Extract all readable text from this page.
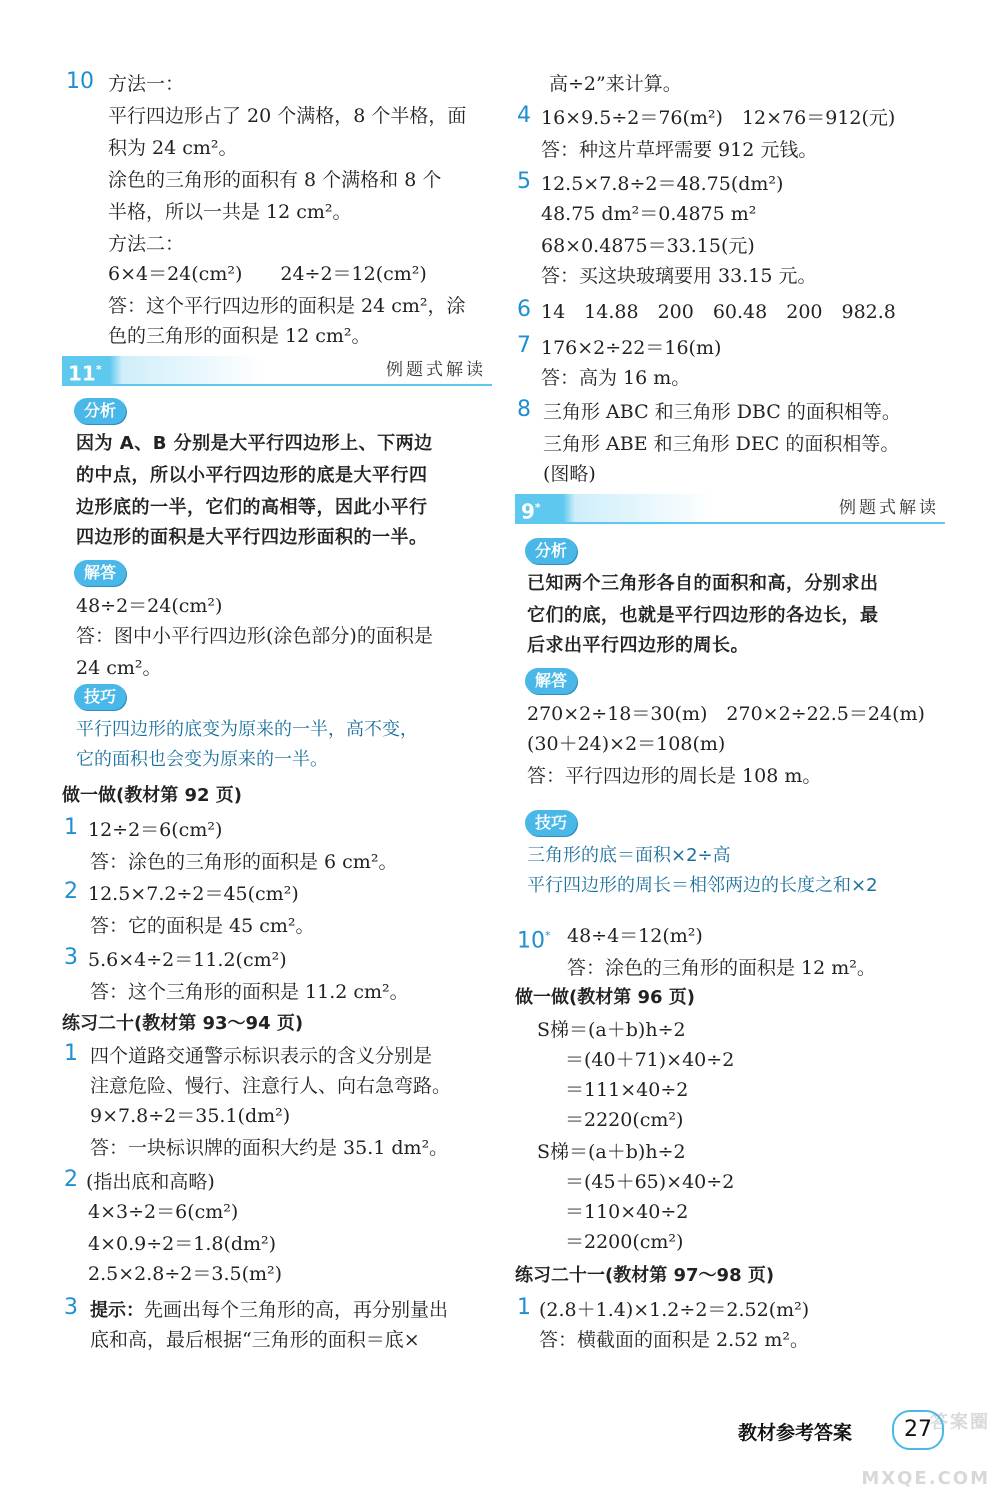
10 方法一：
平行四边形占了 20 个满格，8 个半格，面
积为 24 cm²。
涂色的三角形的面积有 8 个满格和 8 个
半格，所以一共是 12 cm²。
方法二：
6×4＝24(cm²)　　24÷2＝12(cm²)
答：这个平行四边形的面积是 24 cm²，涂
色的三角形的面积是 12 cm²。
11*	例题式解读
分析
因为 A、B 分别是大平行四边形上、下两边
的中点，所以小平行四边形的底是大平行四
边形底的一半，它们的高相等，因此小平行
四边形的面积是大平行四边形面积的一半。
解答
48÷2＝24(cm²)
答：图中小平行四边形(涂色部分)的面积是
24 cm²。
技巧
平行四边形的底变为原来的一半，高不变，
它的面积也会变为原来的一半。
做一做(教材第 92 页)
1 12÷2＝6(cm²)
答：涂色的三角形的面积是 6 cm²。
2 12.5×7.2÷2＝45(cm²)
答：它的面积是 45 cm²。
3 5.6×4÷2＝11.2(cm²)
答：这个三角形的面积是 11.2 cm²。
练习二十(教材第 93～94 页)
1 四个道路交通警示标识表示的含义分别是
注意危险、慢行、注意行人、向右急弯路。
9×7.8÷2＝35.1(dm²)
答：一块标识牌的面积大约是 35.1 dm²。
2 (指出底和高略)
4×3÷2＝6(cm²)
4×0.9÷2＝1.8(dm²)
2.5×2.8÷2＝3.5(m²)
3 提示：先画出每个三角形的高，再分别量出
底和高，最后根据“三角形的面积＝底×
高÷2”来计算。
4 16×9.5÷2＝76(m²)　12×76＝912(元)
答：种这片草坪需要 912 元钱。
5 12.5×7.8÷2＝48.75(dm²)
48.75 dm²＝0.4875 m²
68×0.4875＝33.15(元)
答：买这块玻璃要用 33.15 元。
6 14　14.88　200　60.48　200　982.8
7 176×2÷22＝16(m)
答：高为 16 m。
8 三角形 ABC 和三角形 DBC 的面积相等。
三角形 ABE 和三角形 DEC 的面积相等。
(图略)
9*	例题式解读
分析
已知两个三角形各自的面积和高，分别求出
它们的底，也就是平行四边形的各边长，最
后求出平行四边形的周长。
解答
270×2÷18＝30(m)　270×2÷22.5＝24(m)
(30＋24)×2＝108(m)
答：平行四边形的周长是 108 m。
技巧
三角形的底＝面积×2÷高
平行四边形的周长＝相邻两边的长度之和×2
10* 48÷4＝12(m²)
答：涂色的三角形的面积是 12 m²。
做一做(教材第 96 页)
S梯＝(a＋b)h÷2
＝(40＋71)×40÷2
＝111×40÷2
＝2220(cm²)
S梯＝(a＋b)h÷2
＝(45＋65)×40÷2
＝110×40÷2
＝2200(cm²)
练习二十一(教材第 97～98 页)
1 (2.8＋1.4)×1.2÷2＝2.52(m²)
答：横截面的面积是 2.52 m²。
答案圈 MXQE.COM
教材参考答案	27
